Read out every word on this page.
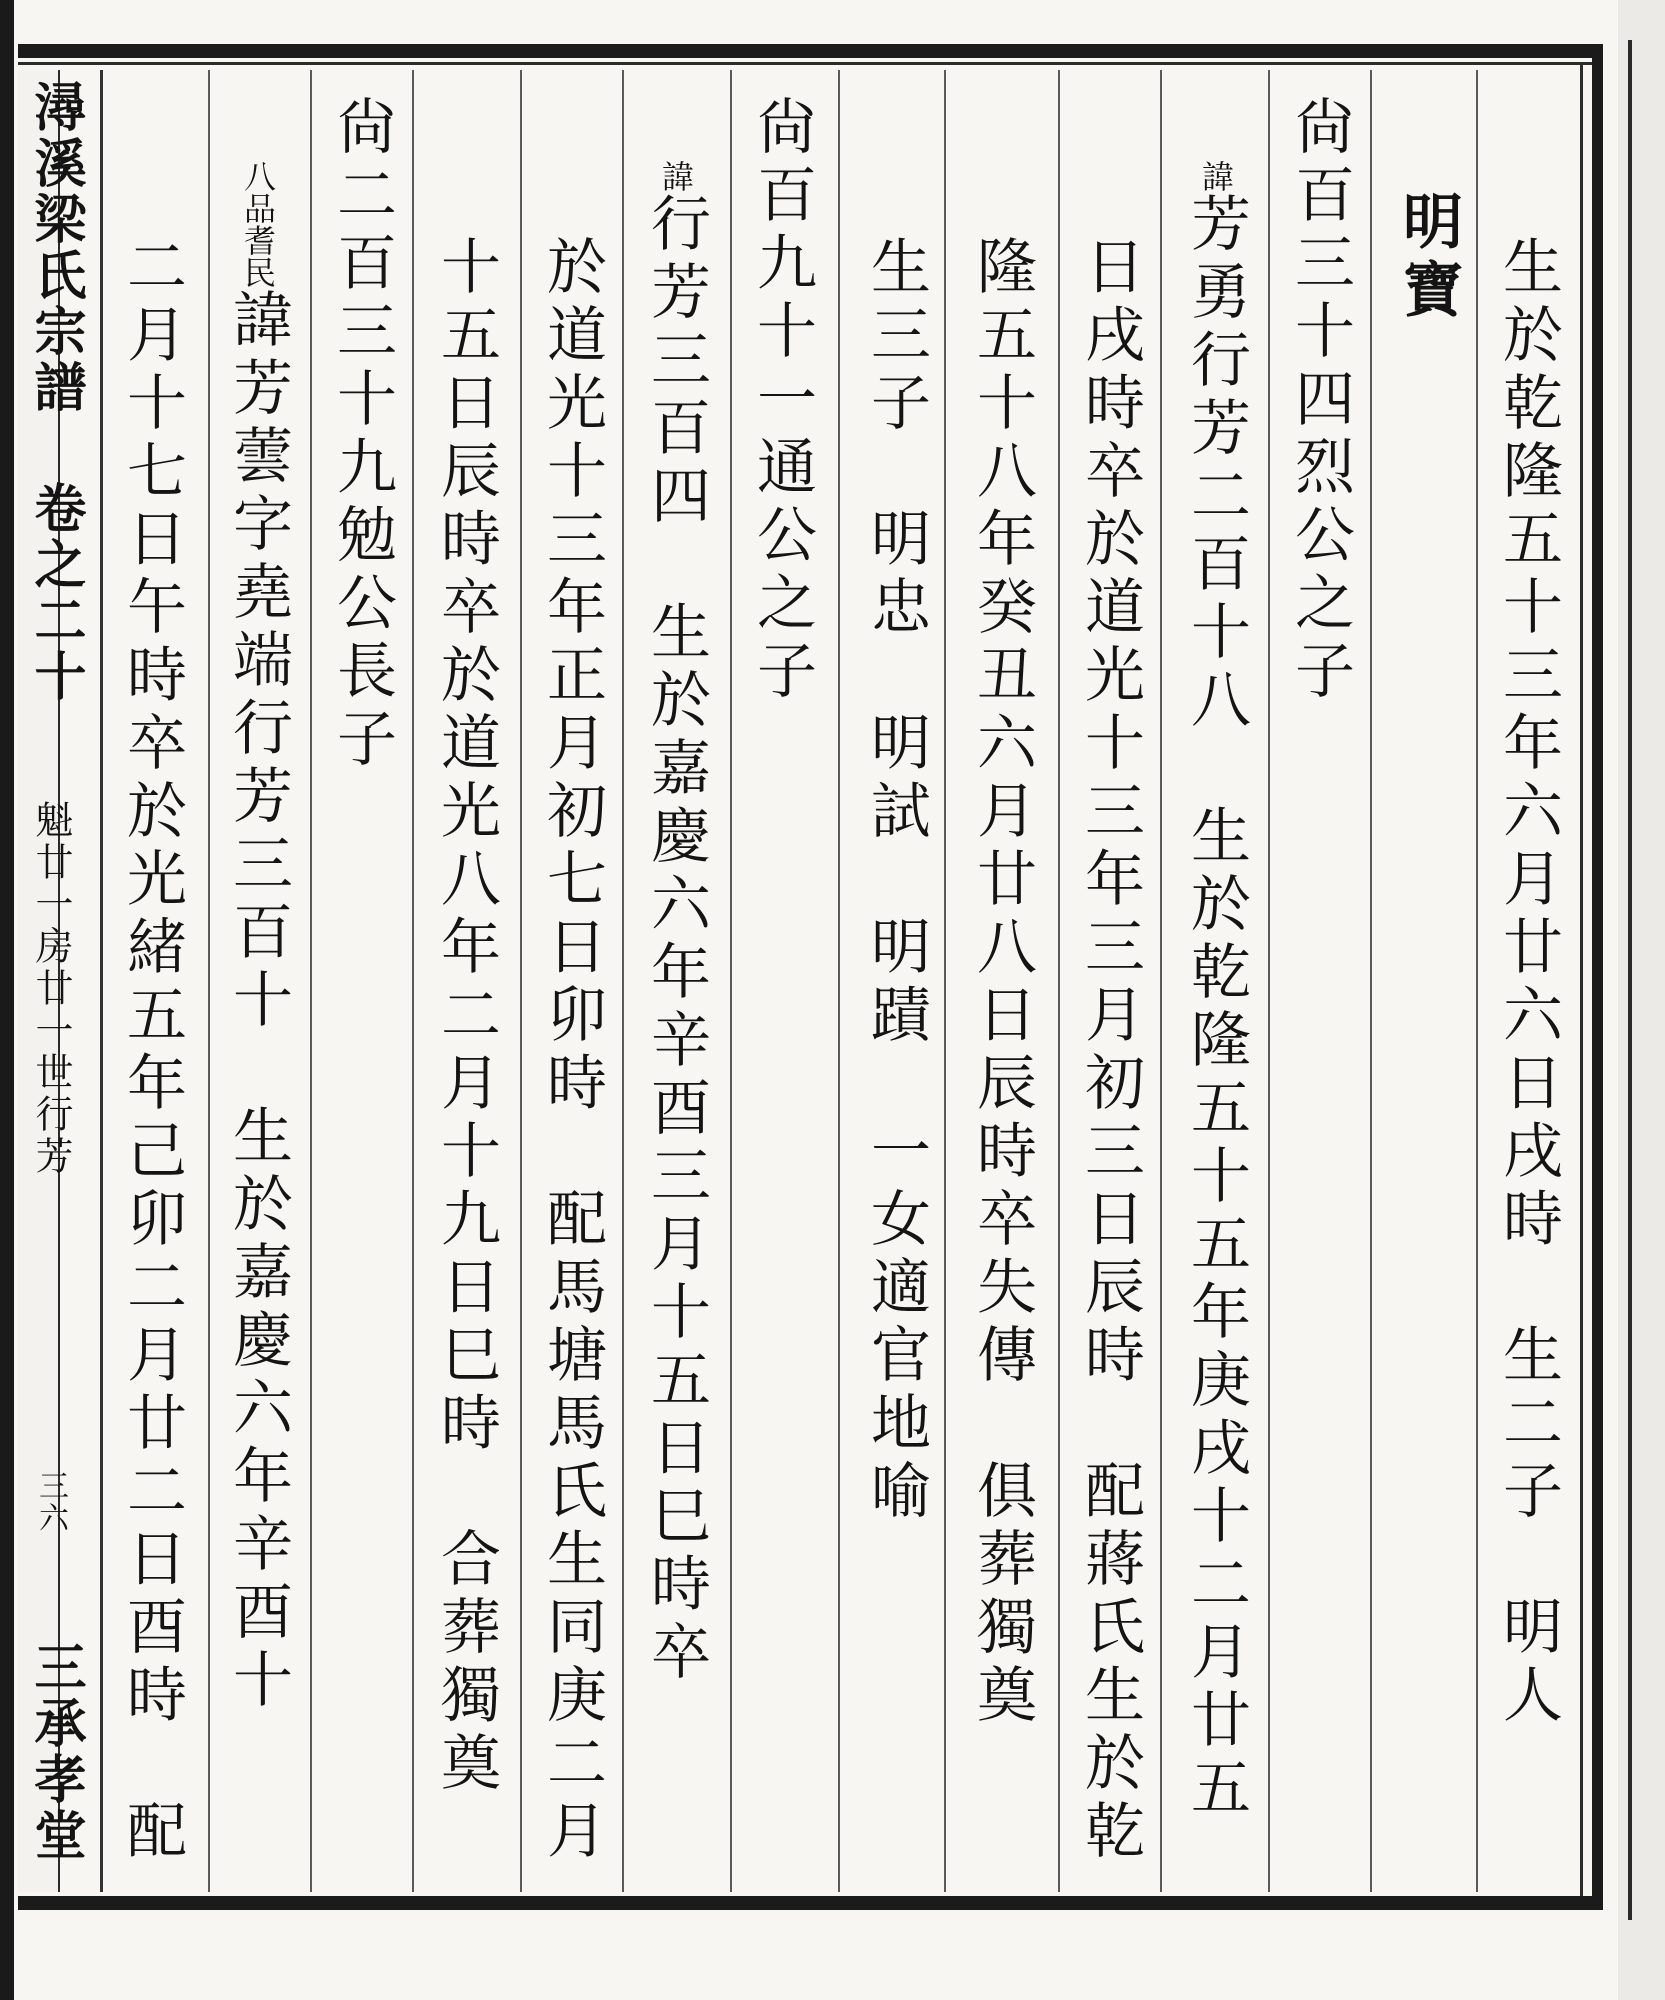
潯溪梁氏宗譜 卷之二十
魁廿一房廿一世行芳
三六
三承孝堂
生於乾隆五十三年六月廿六日戌時　生二子　明人
明寶
尙百三十四烈公之子
諱芳勇行芳二百十八　生於乾隆五十五年庚戌十二月廿五
日戌時卒於道光十三年三月初三日辰時　配蔣氏生於乾
隆五十八年癸丑六月廿八日辰時卒失傳　俱葬獨奠
生三子　明忠　明試　明蹟　一女適官地喻
尙百九十一通公之子
諱行芳三百四　生於嘉慶六年辛酉三月十五日巳時卒
於道光十三年正月初七日卯時　配馬塘馬氏生同庚二月
十五日辰時卒於道光八年二月十九日巳時　合葬獨奠
尙二百三十九勉公長子
八品耆民諱芳蕓字堯端行芳三百十　生於嘉慶六年辛酉十
二月十七日午時卒於光緒五年己卯二月廿二日酉時　配
